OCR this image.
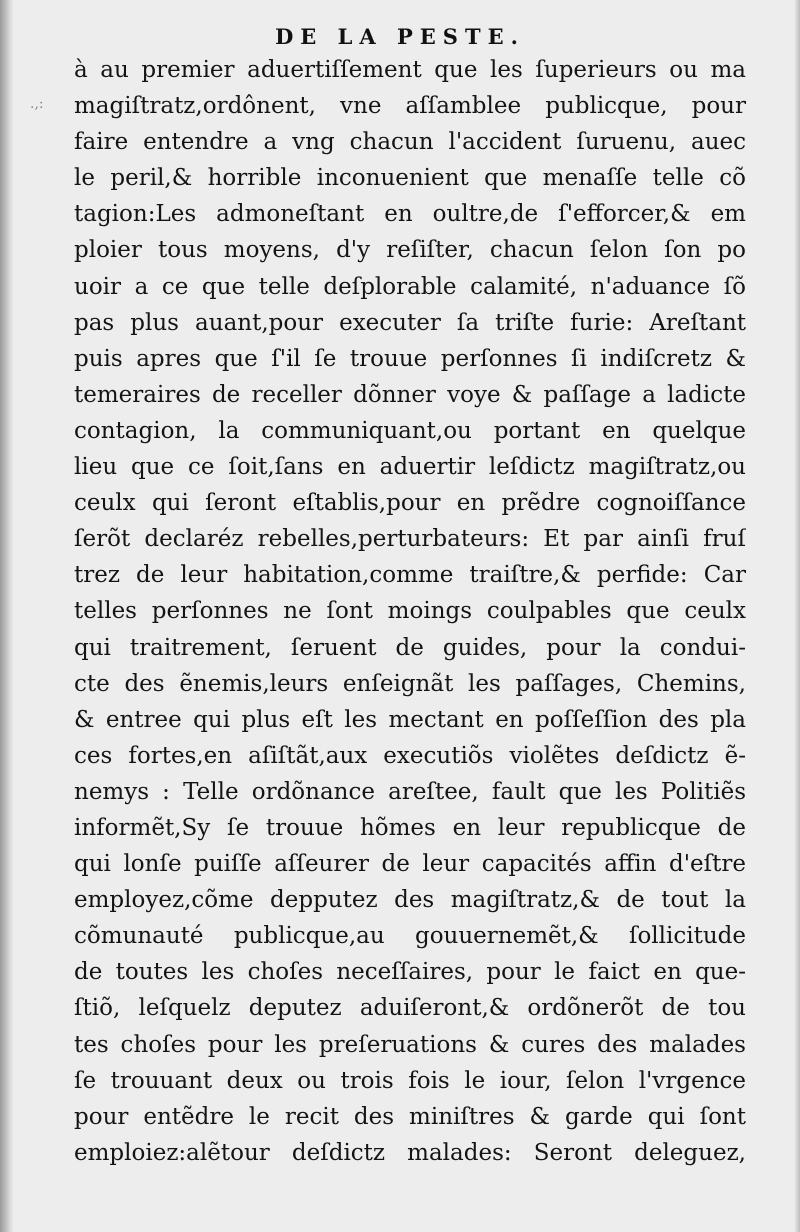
DE LA PESTE.
.,:
à au premier aduertiſſement que les ſuperieurs ou ma
magiſtratz,ordônent, vne aſſamblee publicque, pour
faire entendre a vng chacun l'accident ſuruenu, auec
le peril,& horrible inconuenient que menaſſe telle cõ
tagion:Les admoneſtant en oultre,de ſ'efforcer,& em
ploier tous moyens, d'y reſiſter, chacun ſelon ſon po
uoir a ce que telle deſplorable calamité, n'aduance ſõ
pas plus auant,pour executer ſa triſte furie: Areſtant
puis apres que ſ'il ſe trouue perſonnes ſi indiſcretz &
temeraires de receller dõnner voye & paſſage a ladicte
contagion, la communiquant,ou portant en quelque
lieu que ce ſoit,ſans en aduertir leſdictz magiſtratz,ou
ceulx qui ſeront eſtablis,pour en prẽdre cognoiſſance
ſerõt declaréz rebelles,perturbateurs: Et par ainſi fruſ
trez de leur habitation,comme traiſtre,& perfide: Car
telles perſonnes ne ſont moings coulpables que ceulx
qui traitrement, ſeruent de guides, pour la condui-
cte des ẽnemis,leurs enſeignãt les paſſages, Chemins,
& entree qui plus eſt les mectant en poſſeſſion des pla
ces fortes,en aſiſtãt,aux executiõs violẽtes deſdictz ẽ-
nemys : Telle ordõnance areſtee, fault que les Politiẽs
informẽt,Sy ſe trouue hõmes en leur republicque de
qui lonſe puiſſe aſſeurer de leur capacités affin d'eſtre
employez,cõme depputez des magiſtratz,& de tout la
cõmunauté publicque,au gouuernemẽt,& ſollicitude
de toutes les choſes neceſſaires, pour le faict en que-
ſtiõ, leſquelz deputez aduiſeront,& ordõnerõt de tou
tes choſes pour les preſeruations & cures des malades
ſe trouuant deux ou trois fois le iour, ſelon l'vrgence
pour entẽdre le recit des miniſtres & garde qui ſont
emploiez:alẽtour deſdictz malades: Seront deleguez,
